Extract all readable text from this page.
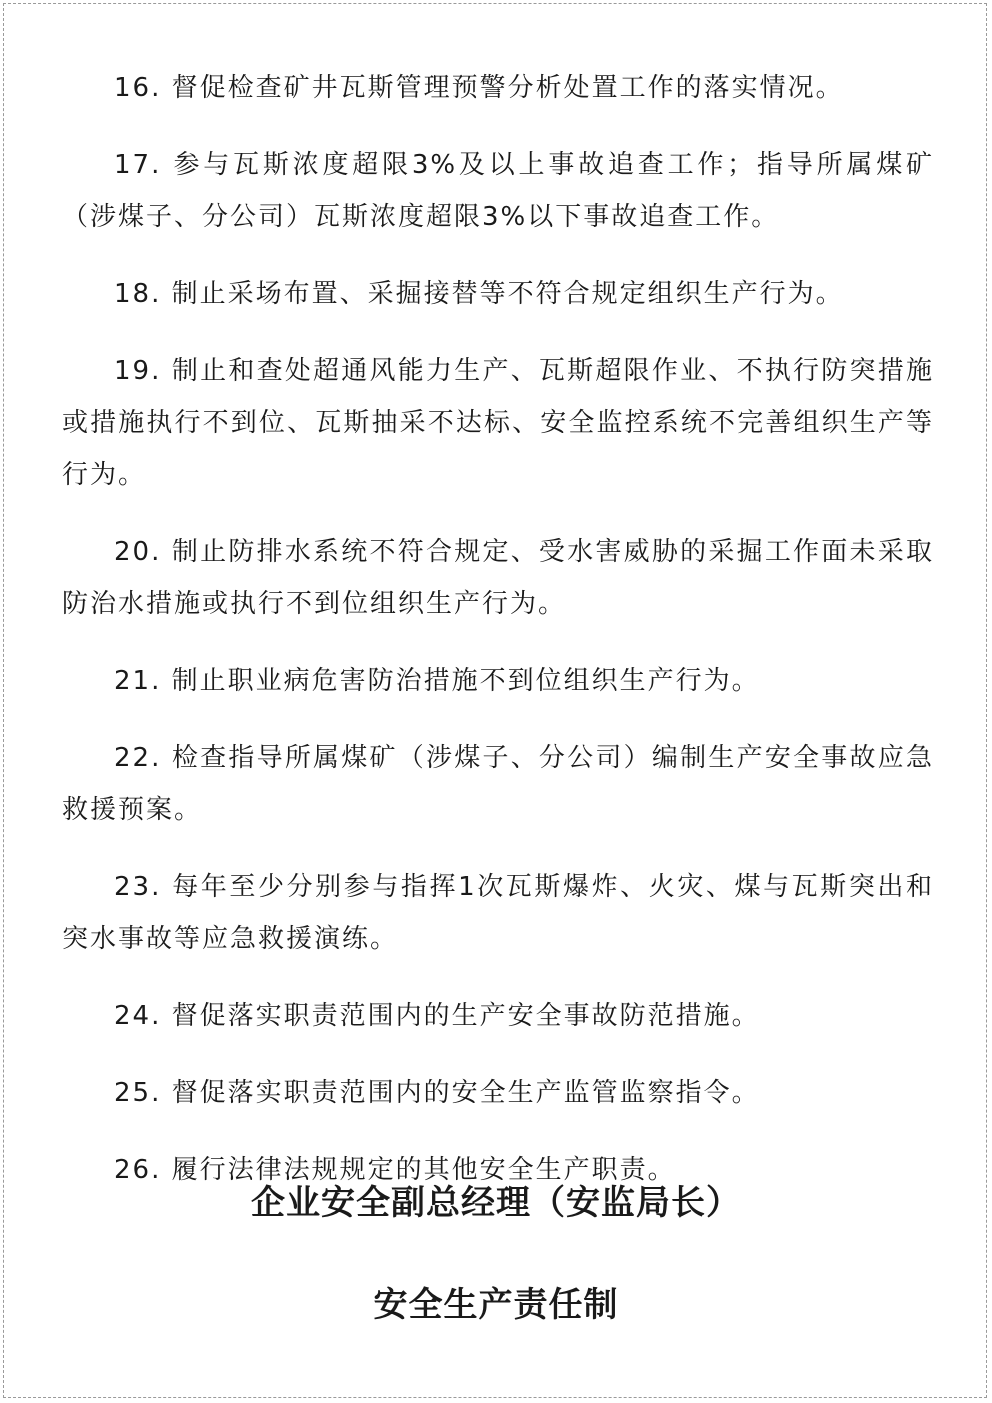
16. 督促检查矿井瓦斯管理预警分析处置工作的落实情况。

17. 参与瓦斯浓度超限3%及以上事故追查工作；指导所属煤矿（涉煤子、分公司）瓦斯浓度超限3%以下事故追查工作。

18. 制止采场布置、采掘接替等不符合规定组织生产行为。

19. 制止和查处超通风能力生产、瓦斯超限作业、不执行防突措施或措施执行不到位、瓦斯抽采不达标、安全监控系统不完善组织生产等行为。

20. 制止防排水系统不符合规定、受水害威胁的采掘工作面未采取防治水措施或执行不到位组织生产行为。

21. 制止职业病危害防治措施不到位组织生产行为。

22. 检查指导所属煤矿（涉煤子、分公司）编制生产安全事故应急救援预案。

23. 每年至少分别参与指挥1次瓦斯爆炸、火灾、煤与瓦斯突出和突水事故等应急救援演练。

24. 督促落实职责范围内的生产安全事故防范措施。

25. 督促落实职责范围内的安全生产监管监察指令。

26. 履行法律法规规定的其他安全生产职责。

企业安全副总经理（安监局长）
安全生产责任制
